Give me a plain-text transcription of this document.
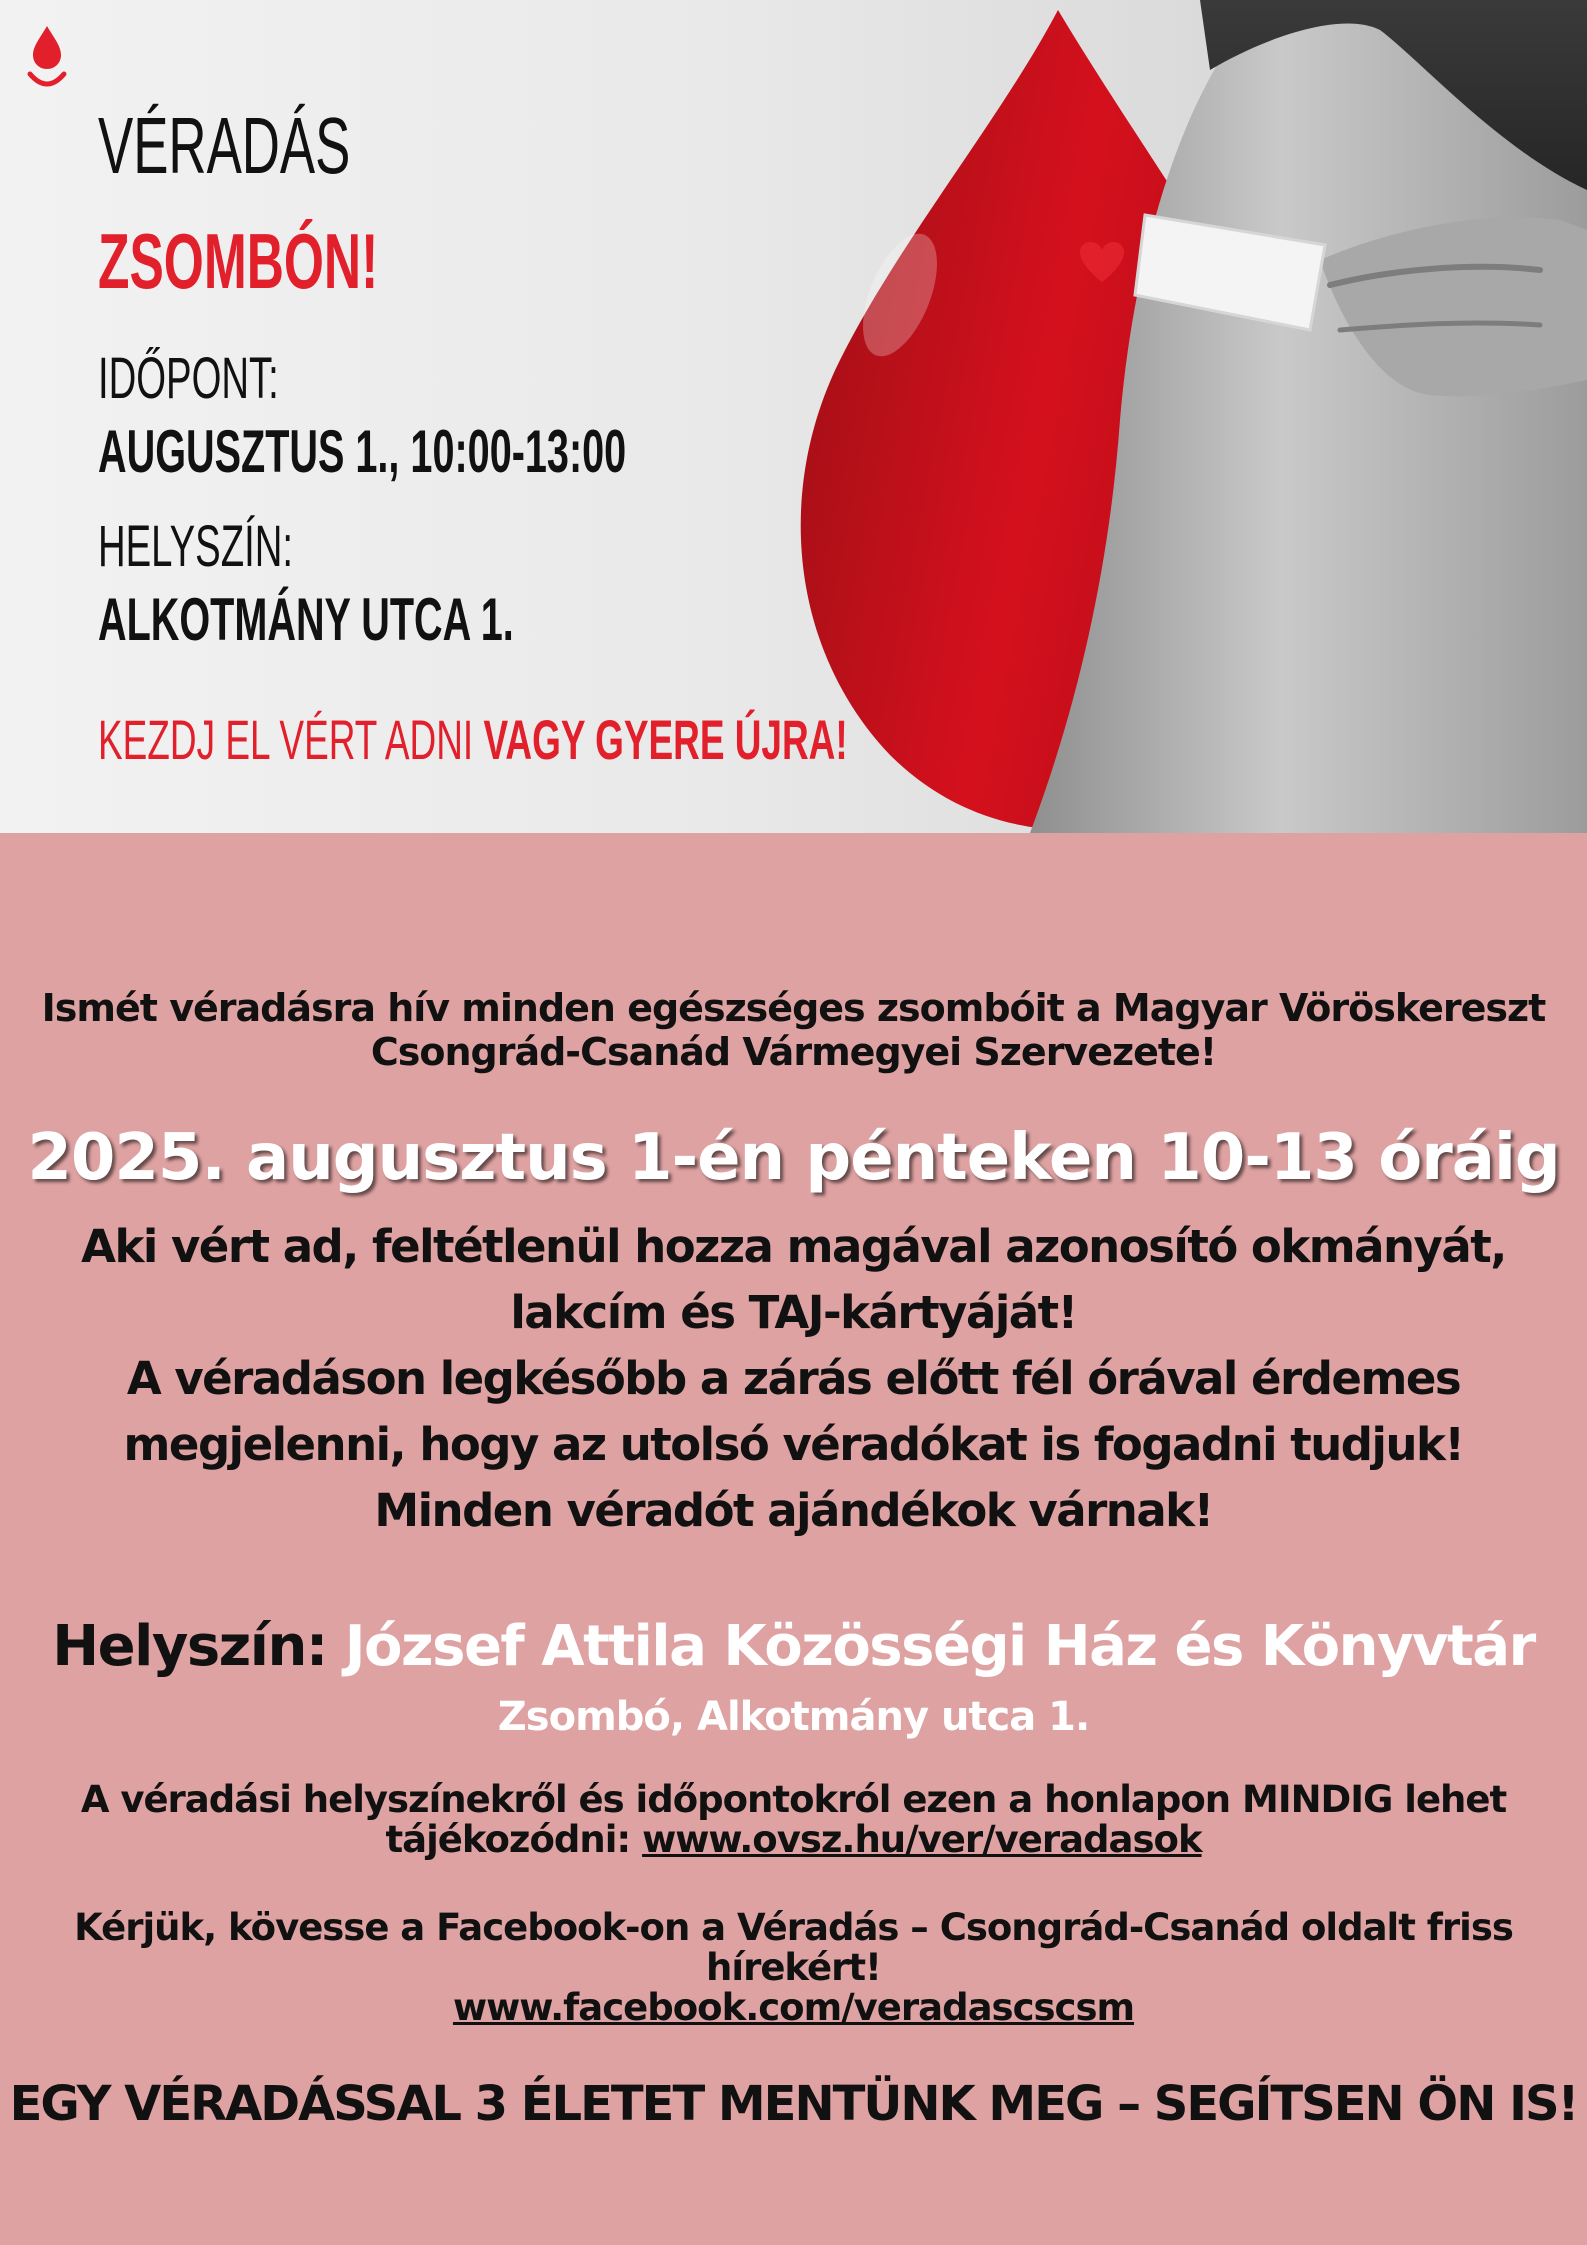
VÉRADÁS
ZSOMBÓN!
IDŐPONT:
AUGUSZTUS 1., 10:00-13:00
HELYSZÍN:
ALKOTMÁNY UTCA 1.
KEZDJ EL VÉRT ADNI VAGY GYERE ÚJRA!

Ismét véradásra hív minden egészséges zsombóit a Magyar Vöröskereszt
Csongrád-Csanád Vármegyei Szervezete!

2025. augusztus 1-én pénteken 10-13 óráig

Aki vért ad, feltétlenül hozza magával azonosító okmányát,
lakcím és TAJ-kártyáját!
A véradáson legkésőbb a zárás előtt fél órával érdemes
megjelenni, hogy az utolsó véradókat is fogadni tudjuk!
Minden véradót ajándékok várnak!

Helyszín: József Attila Közösségi Ház és Könyvtár

Zsombó, Alkotmány utca 1.

A véradási helyszínekről és időpontokról ezen a honlapon MINDIG lehet
tájékozódni: www.ovsz.hu/ver/veradasok

Kérjük, kövesse a Facebook-on a Véradás – Csongrád-Csanád oldalt friss
hírekért!
www.facebook.com/veradascscsm

EGY VÉRADÁSSAL 3 ÉLETET MENTÜNK MEG – SEGÍTSEN ÖN IS!
